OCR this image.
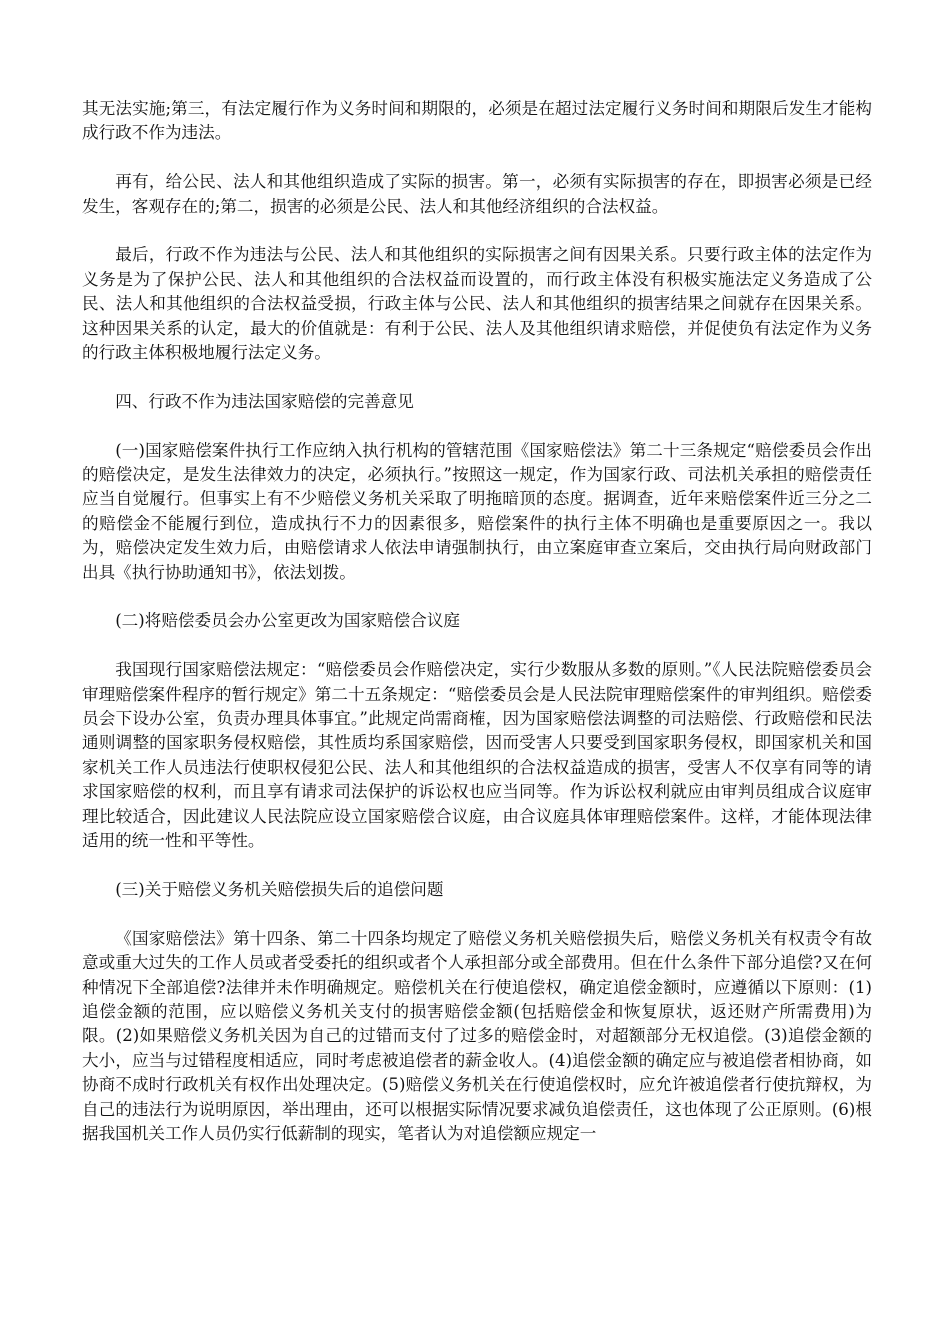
其无法实施;第三，有法定履行作为义务时间和期限的，必须是在超过法定履行义务时间和期限后发生才能构成行政不作为违法。

再有，给公民、法人和其他组织造成了实际的损害。第一，必须有实际损害的存在，即损害必须是已经发生，客观存在的;第二，损害的必须是公民、法人和其他经济组织的合法权益。

最后，行政不作为违法与公民、法人和其他组织的实际损害之间有因果关系。只要行政主体的法定作为义务是为了保护公民、法人和其他组织的合法权益而设置的，而行政主体没有积极实施法定义务造成了公民、法人和其他组织的合法权益受损，行政主体与公民、法人和其他组织的损害结果之间就存在因果关系。这种因果关系的认定，最大的价值就是：有利于公民、法人及其他组织请求赔偿，并促使负有法定作为义务的行政主体积极地履行法定义务。

四、行政不作为违法国家赔偿的完善意见

(一)国家赔偿案件执行工作应纳入执行机构的管辖范围《国家赔偿法》第二十三条规定“赔偿委员会作出的赔偿决定，是发生法律效力的决定，必须执行。”按照这一规定，作为国家行政、司法机关承担的赔偿责任应当自觉履行。但事实上有不少赔偿义务机关采取了明拖暗顶的态度。据调查，近年来赔偿案件近三分之二的赔偿金不能履行到位，造成执行不力的因素很多，赔偿案件的执行主体不明确也是重要原因之一。我以为，赔偿决定发生效力后，由赔偿请求人依法申请强制执行，由立案庭审查立案后，交由执行局向财政部门出具《执行协助通知书》，依法划拨。

(二)将赔偿委员会办公室更改为国家赔偿合议庭

我国现行国家赔偿法规定：“赔偿委员会作赔偿决定，实行少数服从多数的原则。”《人民法院赔偿委员会审理赔偿案件程序的暂行规定》第二十五条规定：“赔偿委员会是人民法院审理赔偿案件的审判组织。赔偿委员会下设办公室，负责办理具体事宜。”此规定尚需商榷，因为国家赔偿法调整的司法赔偿、行政赔偿和民法通则调整的国家职务侵权赔偿，其性质均系国家赔偿，因而受害人只要受到国家职务侵权，即国家机关和国家机关工作人员违法行使职权侵犯公民、法人和其他组织的合法权益造成的损害，受害人不仅享有同等的请求国家赔偿的权利，而且享有请求司法保护的诉讼权也应当同等。作为诉讼权利就应由审判员组成合议庭审理比较适合，因此建议人民法院应设立国家赔偿合议庭，由合议庭具体审理赔偿案件。这样，才能体现法律适用的统一性和平等性。

(三)关于赔偿义务机关赔偿损失后的追偿问题

《国家赔偿法》第十四条、第二十四条均规定了赔偿义务机关赔偿损失后，赔偿义务机关有权责令有故意或重大过失的工作人员或者受委托的组织或者个人承担部分或全部费用。但在什么条件下部分追偿?又在何种情况下全部追偿?法律并未作明确规定。赔偿机关在行使追偿权，确定追偿金额时，应遵循以下原则：(1)追偿金额的范围，应以赔偿义务机关支付的损害赔偿金额(包括赔偿金和恢复原状，返还财产所需费用)为限。(2)如果赔偿义务机关因为自己的过错而支付了过多的赔偿金时，对超额部分无权追偿。(3)追偿金额的大小，应当与过错程度相适应，同时考虑被追偿者的薪金收人。(4)追偿金额的确定应与被追偿者相协商，如协商不成时行政机关有权作出处理决定。(5)赔偿义务机关在行使追偿权时，应允许被追偿者行使抗辩权，为自己的违法行为说明原因，举出理由，还可以根据实际情况要求减负追偿责任，这也体现了公正原则。(6)根据我国机关工作人员仍实行低薪制的现实，笔者认为对追偿额应规定一
